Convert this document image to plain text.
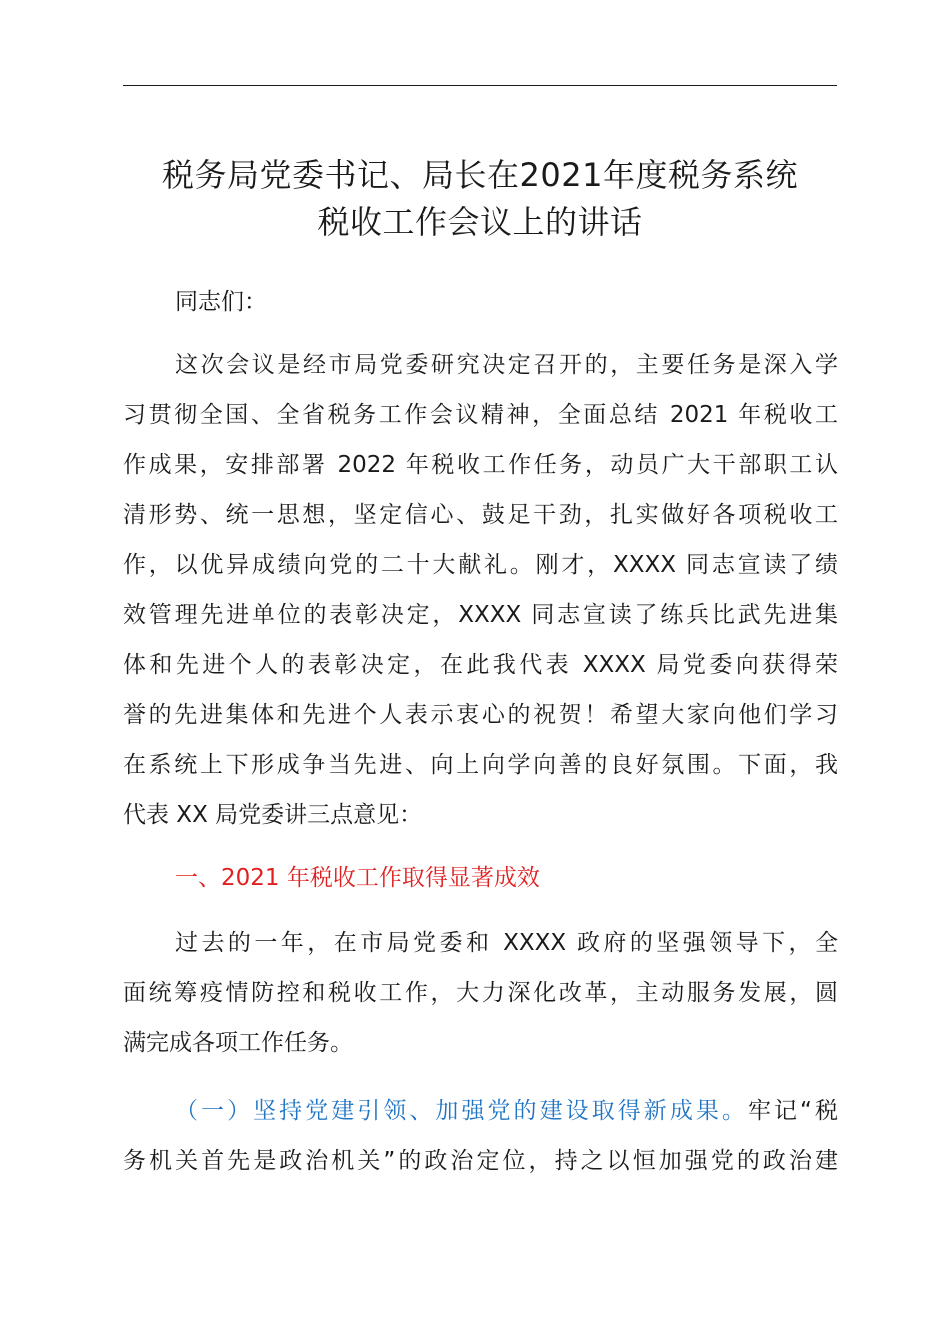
税务局党委书记、局长在2021年度税务系统
税收工作会议上的讲话
同志们：
这次会议是经市局党委研究决定召开的，主要任务是深入学
习贯彻全国、全省税务工作会议精神，全面总结 2021 年税收工
作成果，安排部署 2022 年税收工作任务，动员广大干部职工认
清形势、统一思想，坚定信心、鼓足干劲，扎实做好各项税收工
作，以优异成绩向党的二十大献礼。刚才，XXXX 同志宣读了绩
效管理先进单位的表彰决定，XXXX 同志宣读了练兵比武先进集
体和先进个人的表彰决定，在此我代表 XXXX 局党委向获得荣
誉的先进集体和先进个人表示衷心的祝贺！希望大家向他们学习
在系统上下形成争当先进、向上向学向善的良好氛围。下面，我
代表 XX 局党委讲三点意见：
一、2021 年税收工作取得显著成效
过去的一年，在市局党委和 XXXX 政府的坚强领导下，全
面统筹疫情防控和税收工作，大力深化改革，主动服务发展，圆
满完成各项工作任务。
（一）坚持党建引领、加强党的建设取得新成果。牢记“税
务机关首先是政治机关”的政治定位，持之以恒加强党的政治建
